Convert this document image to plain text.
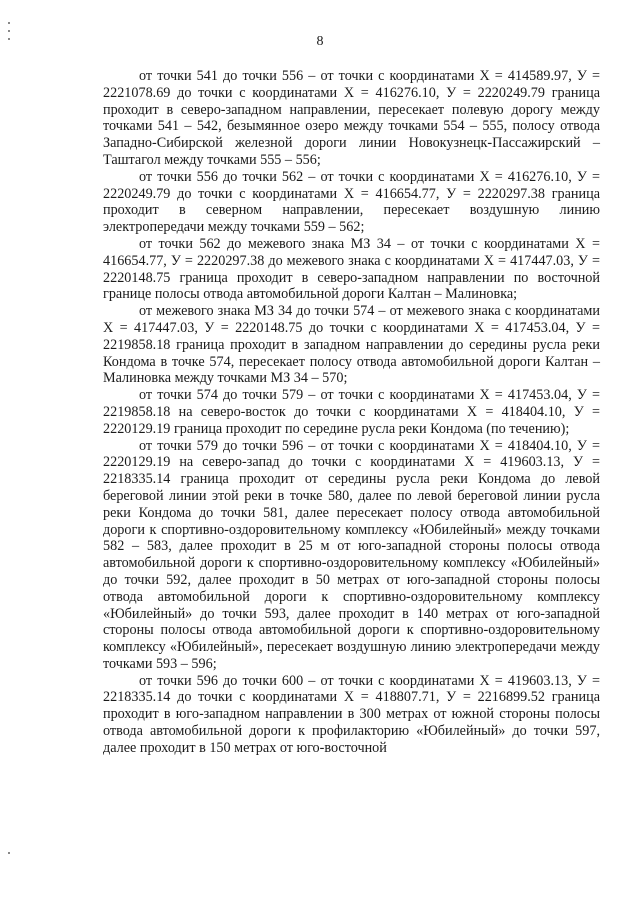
8

от точки 541 до точки 556 – от точки с координатами Х = 414589.97, У = 2221078.69 до точки с координатами Х = 416276.10, У = 2220249.79 граница проходит в северо-западном направлении, пересекает полевую дорогу между точками 541 – 542, безымянное озеро между точками 554 – 555, полосу отвода Западно-Сибирской железной дороги линии Новокузнецк-Пассажирский – Таштагол между точками 555 – 556;

от точки 556 до точки 562 – от точки с координатами Х = 416276.10, У = 2220249.79 до точки с координатами Х = 416654.77, У = 2220297.38 граница проходит в северном направлении, пересекает воздушную линию электропередачи между точками 559 – 562;

от точки 562 до межевого знака МЗ 34 – от точки с координатами Х = 416654.77, У = 2220297.38 до межевого знака с координатами Х = 417447.03, У = 2220148.75 граница проходит в северо-западном направлении по восточной границе полосы отвода автомобильной дороги Калтан – Малиновка;

от межевого знака МЗ 34 до точки 574 – от межевого знака с координатами Х = 417447.03, У = 2220148.75 до точки с координатами Х = 417453.04, У = 2219858.18 граница проходит в западном направлении до середины русла реки Кондома в точке 574, пересекает полосу отвода автомобильной дороги Калтан – Малиновка между точками МЗ 34 – 570;

от точки 574 до точки 579 – от точки с координатами Х = 417453.04, У = 2219858.18 на северо-восток до точки с координатами Х = 418404.10, У = 2220129.19 граница проходит по середине русла реки Кондома (по течению);

от точки 579 до точки 596 – от точки с координатами Х = 418404.10, У = 2220129.19 на северо-запад до точки с координатами Х = 419603.13, У = 2218335.14 граница проходит от середины русла реки Кондома до левой береговой линии этой реки в точке 580, далее по левой береговой линии русла реки Кондома до точки 581, далее пересекает полосу отвода автомобильной дороги к спортивно-оздоровительному комплексу «Юбилейный» между точками 582 – 583, далее проходит в 25 м от юго-западной стороны полосы отвода автомобильной дороги к спортивно-оздоровительному комплексу «Юбилейный» до точки 592, далее проходит в 50 метрах от юго-западной стороны полосы отвода автомобильной дороги к спортивно-оздоровительному комплексу «Юбилейный» до точки 593, далее проходит в 140 метрах от юго-западной стороны полосы отвода автомобильной дороги к спортивно-оздоровительному комплексу «Юбилейный», пересекает воздушную линию электропередачи между точками 593 – 596;

от точки 596 до точки 600 – от точки с координатами Х = 419603.13, У = 2218335.14 до точки с координатами Х = 418807.71, У = 2216899.52 граница проходит в юго-западном направлении в 300 метрах от южной стороны полосы отвода автомобильной дороги к профилакторию «Юбилейный» до точки 597, далее проходит в 150 метрах от юго-восточной
